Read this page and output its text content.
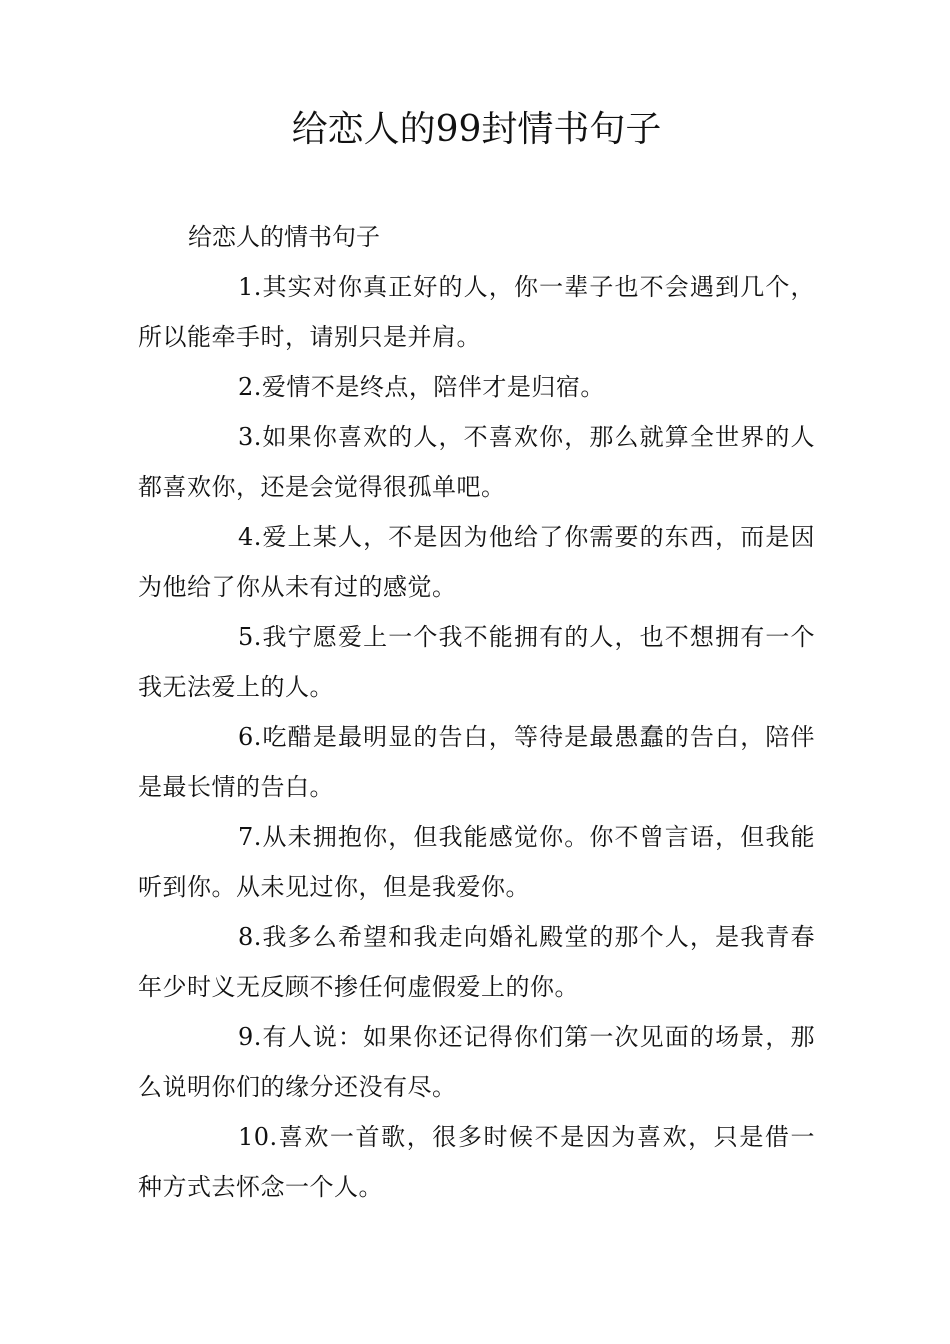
给恋人的99封情书句子

给恋人的情书句子

1.其实对你真正好的人，你一辈子也不会遇到几个，所以能牵手时，请别只是并肩。

2.爱情不是终点，陪伴才是归宿。

3.如果你喜欢的人，不喜欢你，那么就算全世界的人都喜欢你，还是会觉得很孤单吧。

4.爱上某人，不是因为他给了你需要的东西，而是因为他给了你从未有过的感觉。

5.我宁愿爱上一个我不能拥有的人，也不想拥有一个我无法爱上的人。

6.吃醋是最明显的告白，等待是最愚蠢的告白，陪伴是最长情的告白。

7.从未拥抱你，但我能感觉你。你不曾言语，但我能听到你。从未见过你，但是我爱你。

8.我多么希望和我走向婚礼殿堂的那个人，是我青春年少时义无反顾不掺任何虚假爱上的你。

9.有人说：如果你还记得你们第一次见面的场景，那么说明你们的缘分还没有尽。

10.喜欢一首歌，很多时候不是因为喜欢，只是借一种方式去怀念一个人。
